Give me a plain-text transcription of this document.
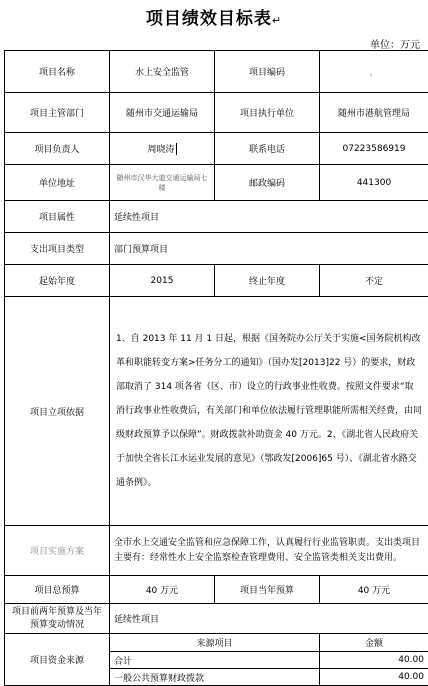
项目绩效目标表↵
单位：万元
项目名称	水上安全监管	项目编码	，
项目主管部门	随州市交通运输局	项目执行单位	随州市港航管理局
项目负责人	周晓涛	联系电话	07223586919
单位地址	随州市汉华大道交通运输局七楼	邮政编码	441300
项目属性	延续性项目		
支出项目类型	部门预算项目		
起始年度	2015	终止年度	不定
项目立项依据	1、自 2013 年 11 月 1 日起，根据《国务院办公厅关于实施<国务院机构改革和职能转变方案>任务分工的通知》（国办发[2013]22 号）的要求，财政部取消了 314 项各省（区、市）设立的行政事业性收费。按照文件要求“取消行政事业性收费后，有关部门和单位依法履行管理职能所需相关经费，由同级财政预算予以保障”。财政拨款补助资金 40 万元。2、《湖北省人民政府关于加快全省长江水运业发展的意见》（鄂政发[2006]65 号）、《湖北省水路交通条例》。		
项目实施方案	全市水上交通安全监管和应急保障工作，认真履行行业监管职责。支出类项目主要有：经常性水上安全监察检查管理费用、安全监管类相关支出费用。		
项目总预算	40 万元	项目当年预算	40 万元
项目前两年预算及当年预算变动情况	延续性项目		
项目资金来源	来源项目		金额
	合计		40.00
	一般公共预算财政拨款		40.00
